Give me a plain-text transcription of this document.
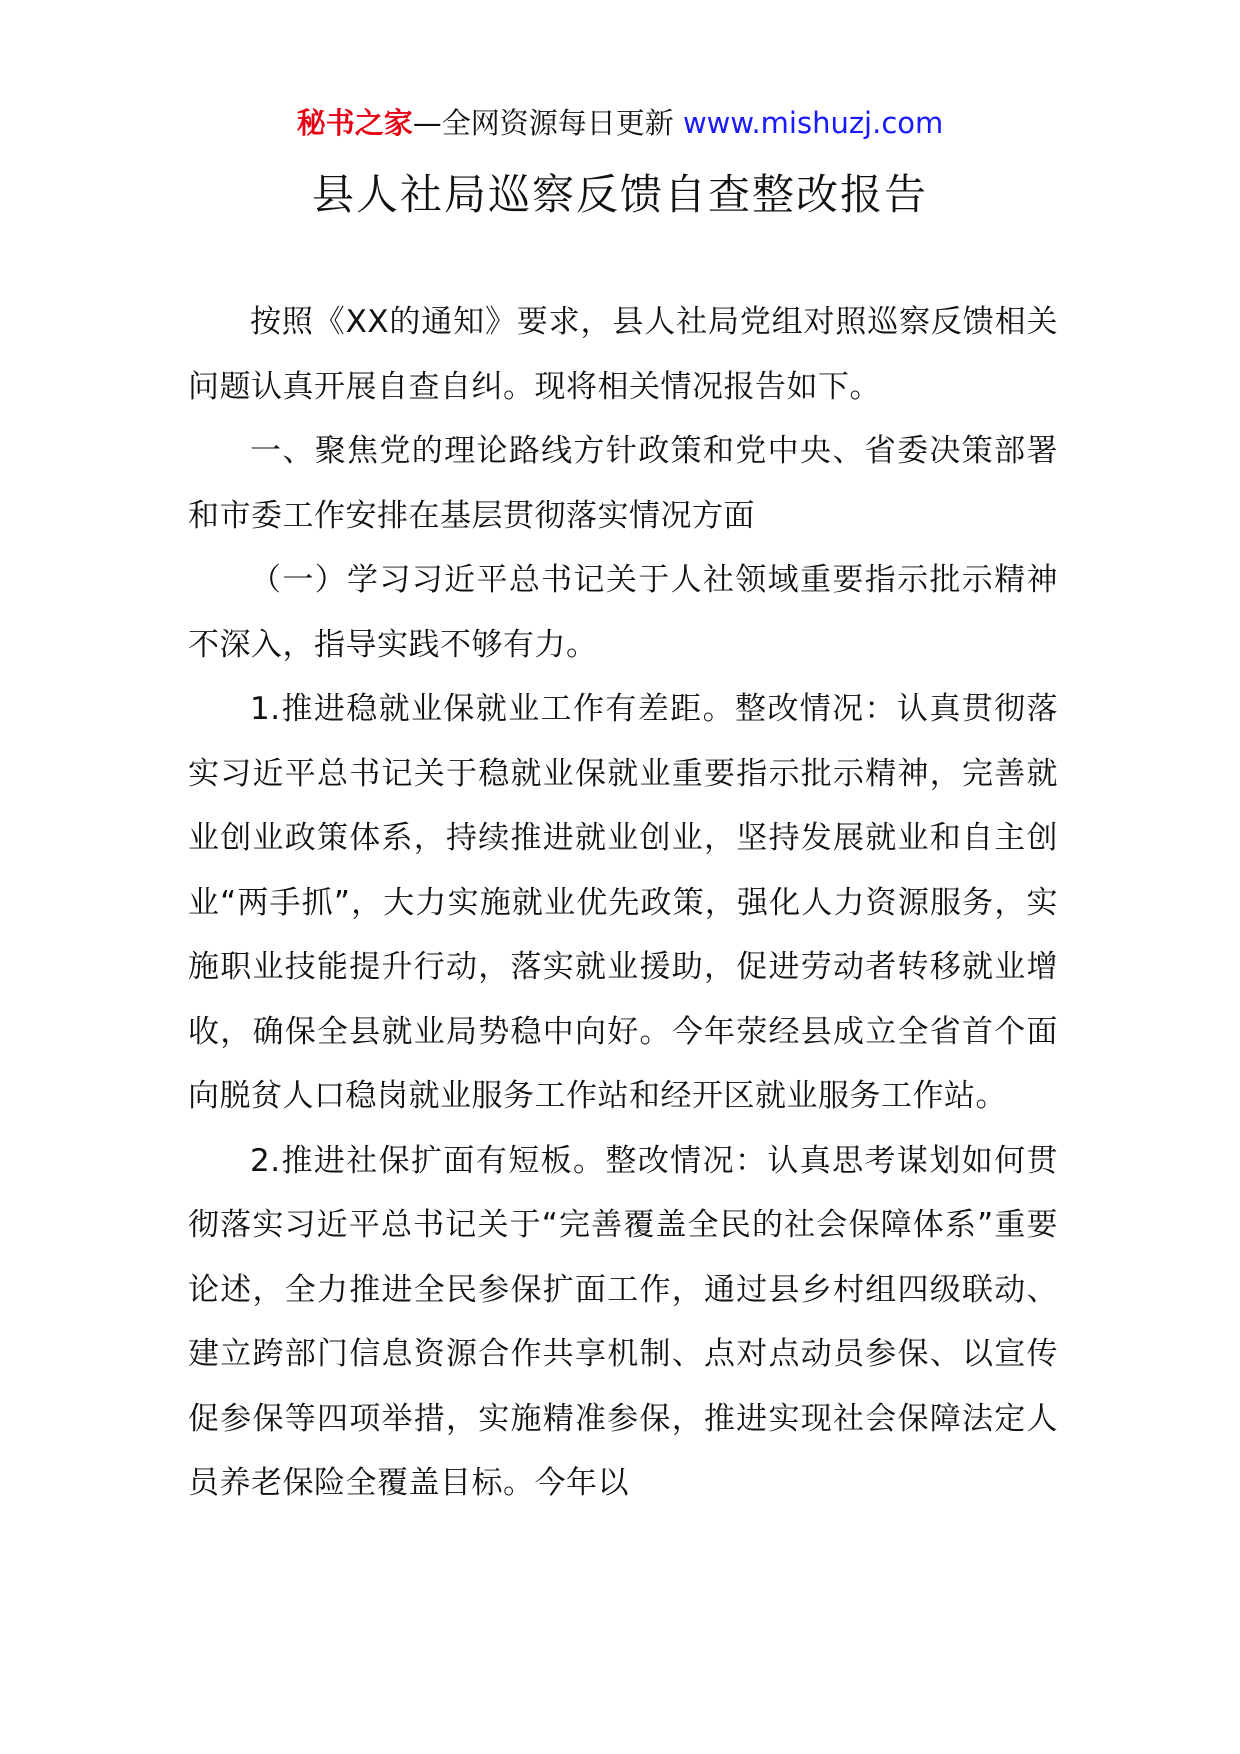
秘书之家—全网资源每日更新 www.mishuzj.com
县人社局巡察反馈自查整改报告

按照《XX的通知》要求，县人社局党组对照巡察反馈相关问题认真开展自查自纠。现将相关情况报告如下。

一、聚焦党的理论路线方针政策和党中央、省委决策部署和市委工作安排在基层贯彻落实情况方面

（一）学习习近平总书记关于人社领域重要指示批示精神不深入，指导实践不够有力。

1.推进稳就业保就业工作有差距。整改情况：认真贯彻落实习近平总书记关于稳就业保就业重要指示批示精神，完善就业创业政策体系，持续推进就业创业，坚持发展就业和自主创业“两手抓”，大力实施就业优先政策，强化人力资源服务，实施职业技能提升行动，落实就业援助，促进劳动者转移就业增收，确保全县就业局势稳中向好。今年荥经县成立全省首个面向脱贫人口稳岗就业服务工作站和经开区就业服务工作站。

2.推进社保扩面有短板。整改情况：认真思考谋划如何贯彻落实习近平总书记关于“完善覆盖全民的社会保障体系”重要论述，全力推进全民参保扩面工作，通过县乡村组四级联动、建立跨部门信息资源合作共享机制、点对点动员参保、以宣传促参保等四项举措，实施精准参保，推进实现社会保障法定人员养老保险全覆盖目标。今年以
